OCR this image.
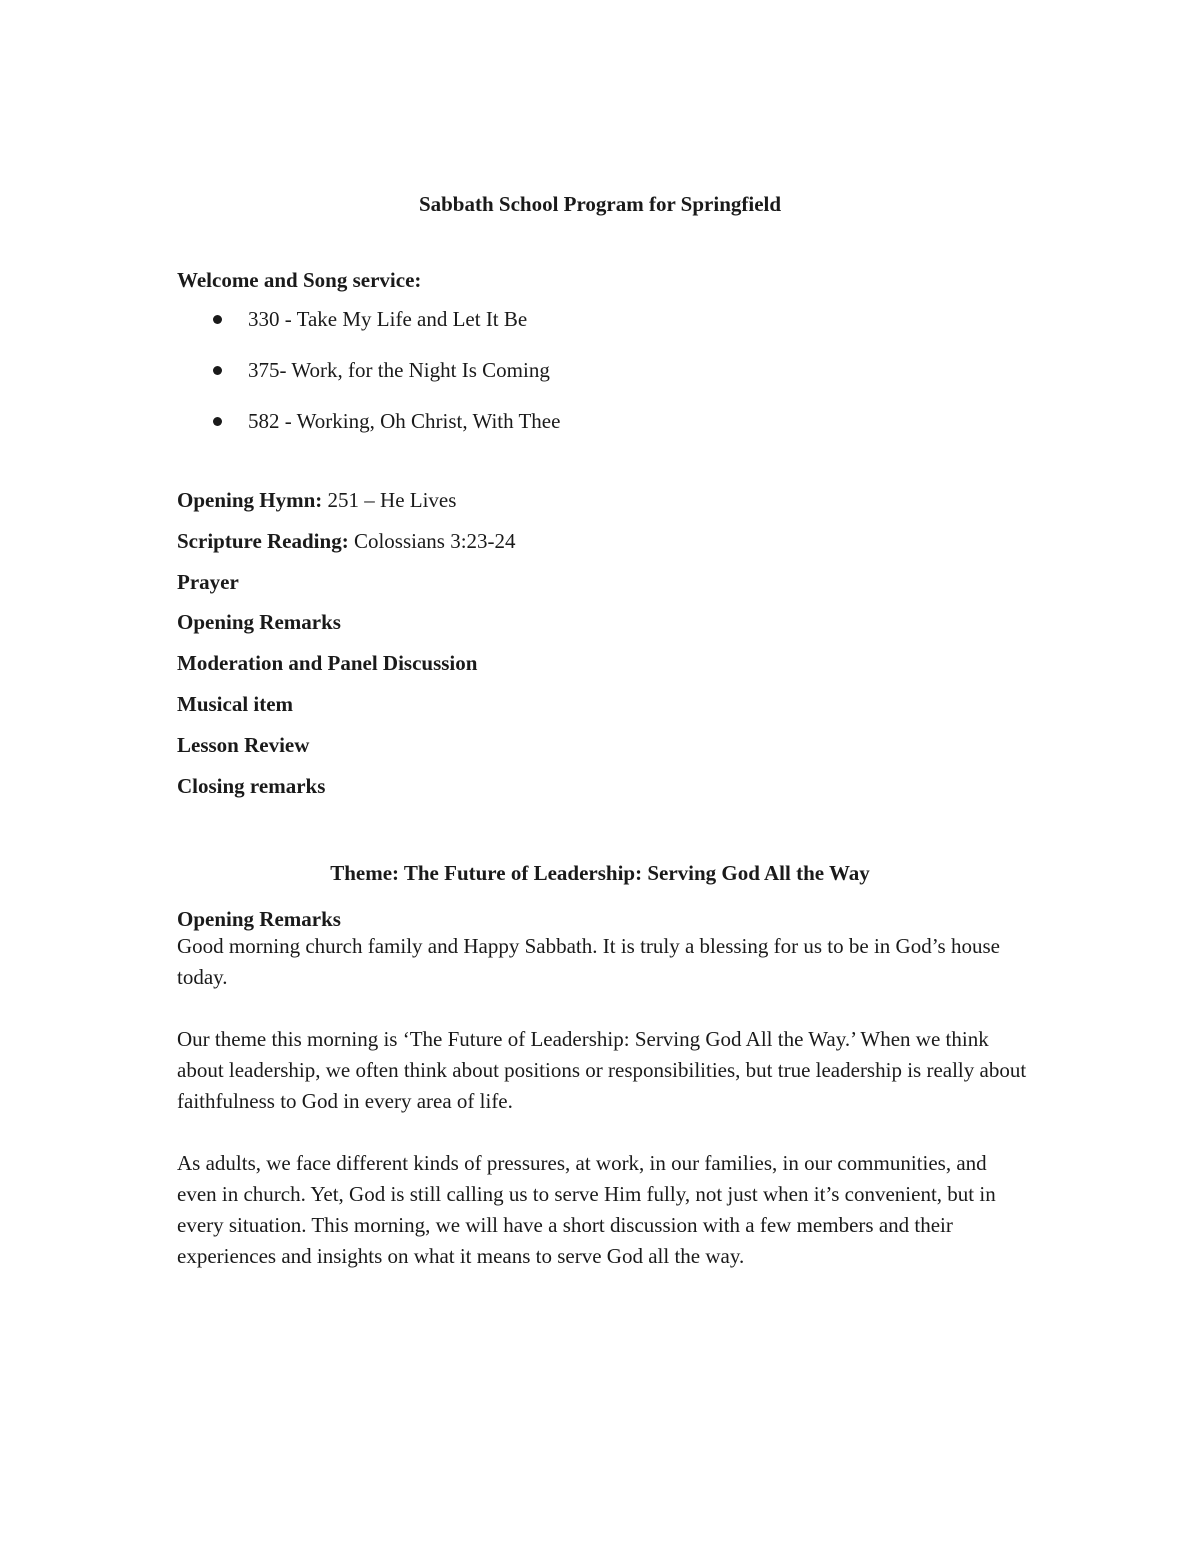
Sabbath School Program for Springfield
Welcome and Song service:
330 - Take My Life and Let It Be
375- Work, for the Night Is Coming
582 - Working, Oh Christ, With Thee
Opening Hymn: 251 – He Lives
Scripture Reading: Colossians 3:23-24
Prayer
Opening Remarks
Moderation and Panel Discussion
Musical item
Lesson Review
Closing remarks
Theme: The Future of Leadership: Serving God All the Way
Opening Remarks

Good morning church family and Happy Sabbath. It is truly a blessing for us to be in God’s house today.

Our theme this morning is ‘The Future of Leadership: Serving God All the Way.’ When we think about leadership, we often think about positions or responsibilities, but true leadership is really about faithfulness to God in every area of life.

As adults, we face different kinds of pressures, at work, in our families, in our communities, and even in church. Yet, God is still calling us to serve Him fully, not just when it’s convenient, but in every situation. This morning, we will have a short discussion with a few members and their experiences and insights on what it means to serve God all the way.
